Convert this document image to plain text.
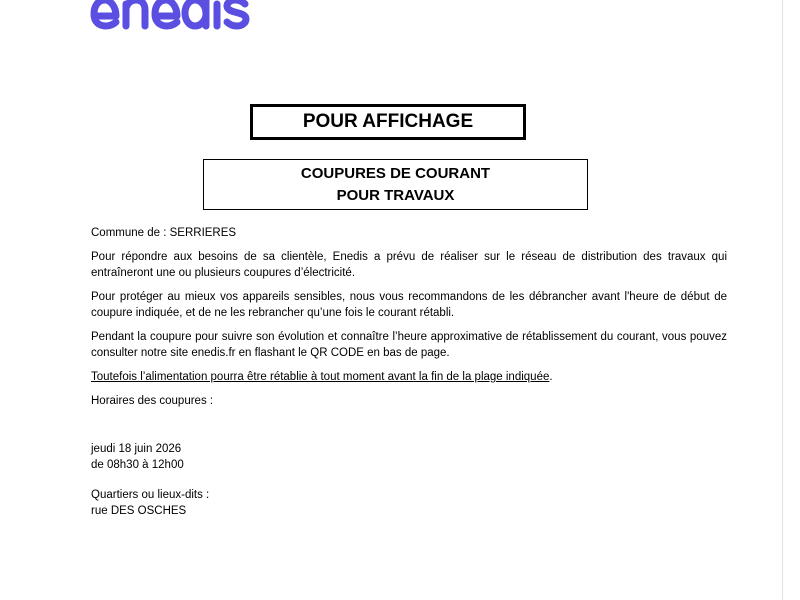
POUR AFFICHAGE
COUPURES DE COURANT
POUR TRAVAUX

Commune de : SERRIERES

Pour répondre aux besoins de sa clientèle, Enedis a prévu de réaliser sur le réseau de distribution des travaux qui entraîneront une ou plusieurs coupures d’électricité.

Pour protéger au mieux vos appareils sensibles, nous vous recommandons de les débrancher avant l'heure de début de coupure indiquée, et de ne les rebrancher qu’une fois le courant rétabli.

Pendant la coupure pour suivre son évolution et connaître l’heure approximative de rétablissement du courant, vous pouvez consulter notre site enedis.fr en flashant le QR CODE en bas de page.

Toutefois l’alimentation pourra être rétablie à tout moment avant la fin de la plage indiquée.

Horaires des coupures :

jeudi 18 juin 2026
de 08h30 à 12h00
Quartiers ou lieux-dits :
rue DES OSCHES
